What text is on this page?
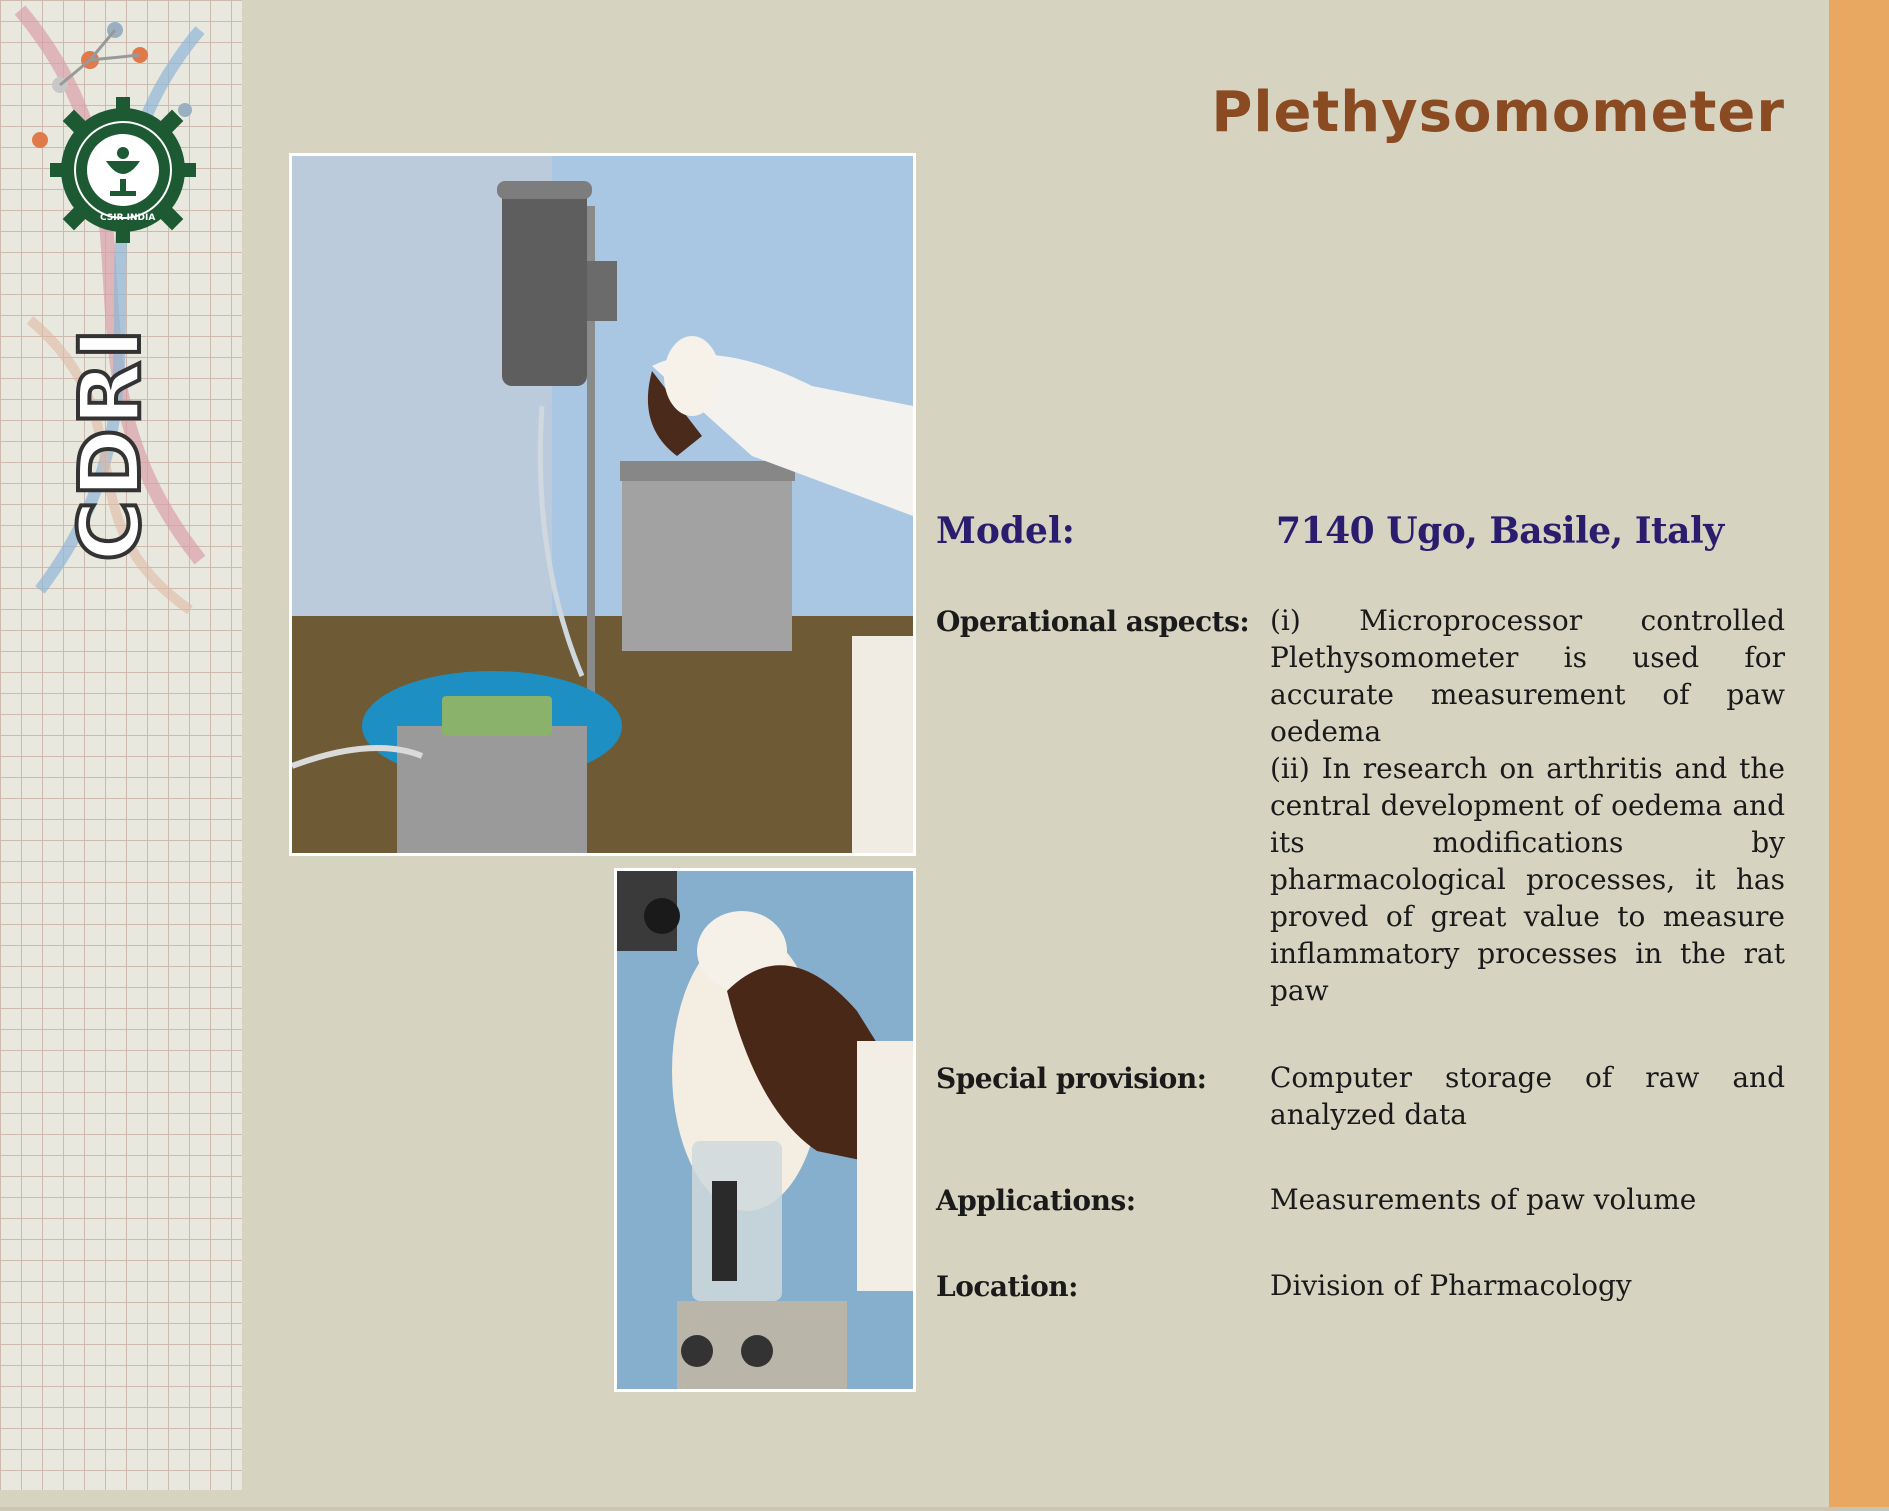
CSIR INDIA
CDRI
Plethysomometer
Model:	7140 Ugo, Basile, Italy
Operational aspects: (i) Microprocessor controlled Plethysomometer is used for accurate measurement of paw oedema

(ii) In research on arthritis and the central development of oedema and its modifications by pharmacological processes, it has proved of great value to measure inflammatory processes in the rat paw

Special provision: Computer storage of raw and analyzed data

Applications:	Measurements of paw volume

Location:	Division of Pharmacology
